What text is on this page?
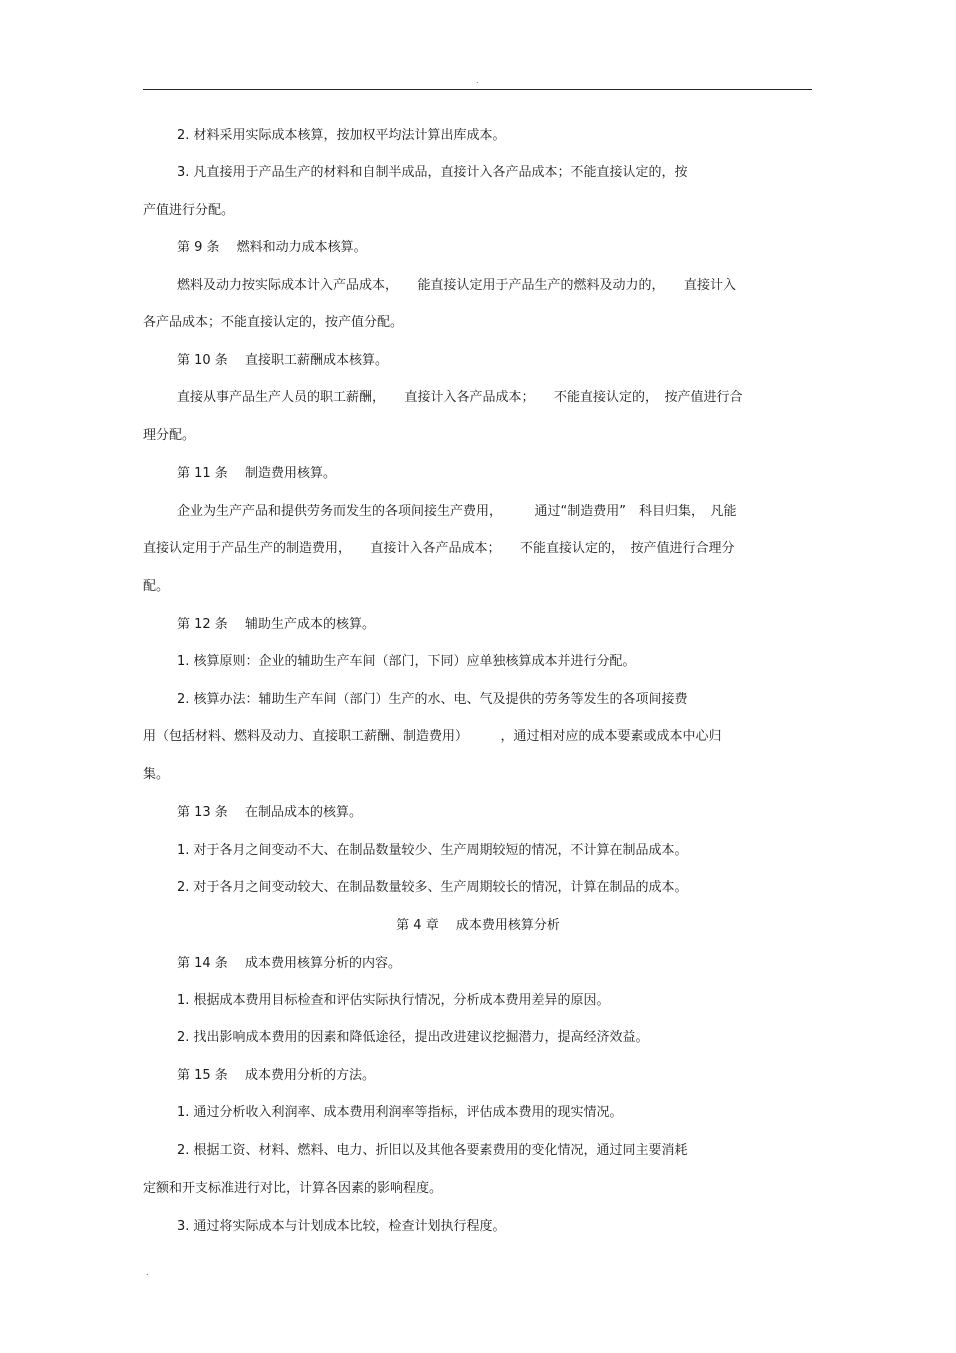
.
2. 材料采用实际成本核算，按加权平均法计算出库成本。
3. 凡直接用于产品生产的材料和自制半成品，直接计入各产品成本；不能直接认定的，按
产值进行分配。
第 9 条　 燃料和动力成本核算。
燃料及动力按实际成本计入产品成本，　　能直接认定用于产品生产的燃料及动力的，　　直接计入
各产品成本；不能直接认定的，按产值分配。
第 10 条　 直接职工薪酬成本核算。
直接从事产品生产人员的职工薪酬，　　直接计入各产品成本；　　不能直接认定的，　按产值进行合
理分配。
第 11 条　 制造费用核算。
企业为生产产品和提供劳务而发生的各项间接生产费用，　　　通过“制造费用”　科目归集，　凡能
直接认定用于产品生产的制造费用，　　直接计入各产品成本；　　不能直接认定的，　按产值进行合理分
配。
第 12 条　 辅助生产成本的核算。
1. 核算原则：企业的辅助生产车间（部门，下同）应单独核算成本并进行分配。
2. 核算办法：辅助生产车间（部门）生产的水、电、气及提供的劳务等发生的各项间接费
用（包括材料、燃料及动力、直接职工薪酬、制造费用）　　　，通过相对应的成本要素或成本中心归
集。
第 13 条　 在制品成本的核算。
1. 对于各月之间变动不大、在制品数量较少、生产周期较短的情况，不计算在制品成本。
2. 对于各月之间变动较大、在制品数量较多、生产周期较长的情况，计算在制品的成本。
第 4 章　 成本费用核算分析
第 14 条　 成本费用核算分析的内容。
1. 根据成本费用目标检查和评估实际执行情况，分析成本费用差异的原因。
2. 找出影响成本费用的因素和降低途径，提出改进建议挖掘潜力，提高经济效益。
第 15 条　 成本费用分析的方法。
1. 通过分析收入利润率、成本费用利润率等指标，评估成本费用的现实情况。
2. 根据工资、材料、燃料、电力、折旧以及其他各要素费用的变化情况，通过同主要消耗
定额和开支标准进行对比，计算各因素的影响程度。
3. 通过将实际成本与计划成本比较，检查计划执行程度。
.
